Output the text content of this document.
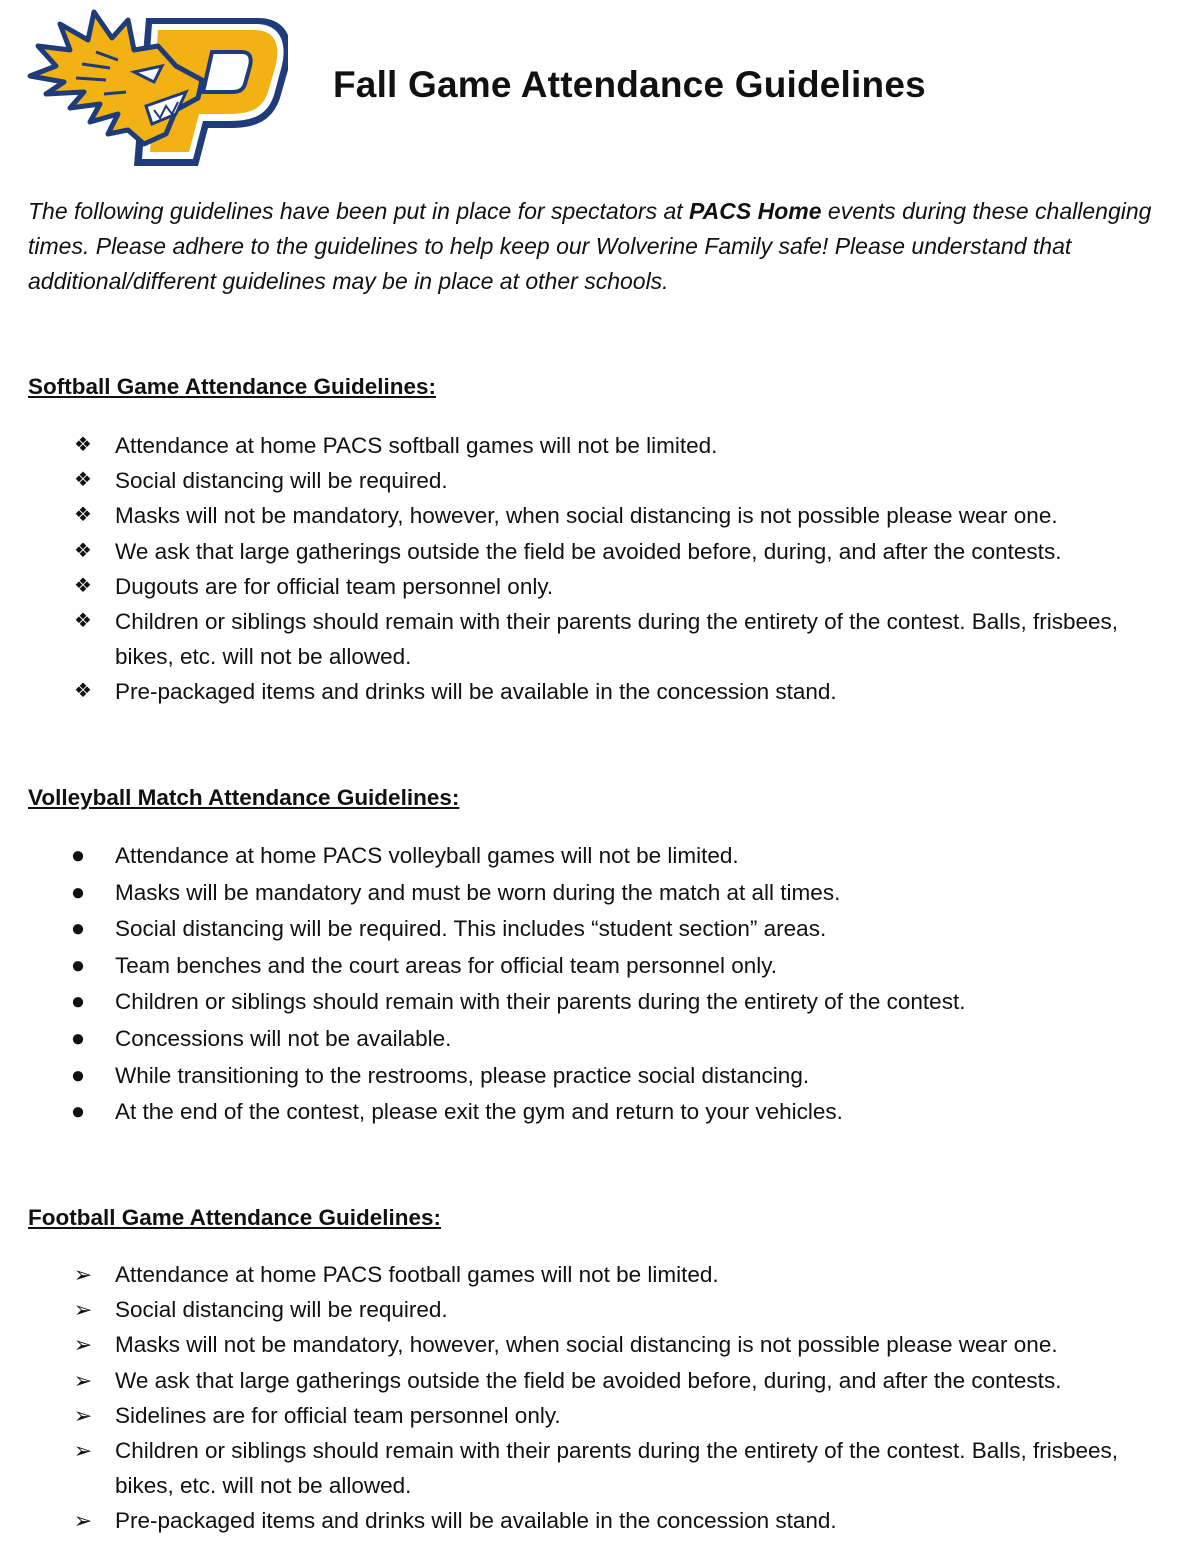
Fall Game Attendance Guidelines

The following guidelines have been put in place for spectators at PACS Home events during these challenging times. Please adhere to the guidelines to help keep our Wolverine Family safe! Please understand that additional/different guidelines may be in place at other schools.

Softball Game Attendance Guidelines:
❖ Attendance at home PACS softball games will not be limited.
❖ Social distancing will be required.
❖ Masks will not be mandatory, however, when social distancing is not possible please wear one.
❖ We ask that large gatherings outside the field be avoided before, during, and after the contests.
❖ Dugouts are for official team personnel only.
❖ Children or siblings should remain with their parents during the entirety of the contest. Balls, frisbees, bikes, etc. will not be allowed.
❖ Pre-packaged items and drinks will be available in the concession stand.
Volleyball Match Attendance Guidelines:
● Attendance at home PACS volleyball games will not be limited.
● Masks will be mandatory and must be worn during the match at all times.
● Social distancing will be required. This includes “student section” areas.
● Team benches and the court areas for official team personnel only.
● Children or siblings should remain with their parents during the entirety of the contest.
● Concessions will not be available.
● While transitioning to the restrooms, please practice social distancing.
● At the end of the contest, please exit the gym and return to your vehicles.
Football Game Attendance Guidelines:
➢ Attendance at home PACS football games will not be limited.
➢ Social distancing will be required.
➢ Masks will not be mandatory, however, when social distancing is not possible please wear one.
➢ We ask that large gatherings outside the field be avoided before, during, and after the contests.
➢ Sidelines are for official team personnel only.
➢ Children or siblings should remain with their parents during the entirety of the contest. Balls, frisbees, bikes, etc. will not be allowed.
➢ Pre-packaged items and drinks will be available in the concession stand.
